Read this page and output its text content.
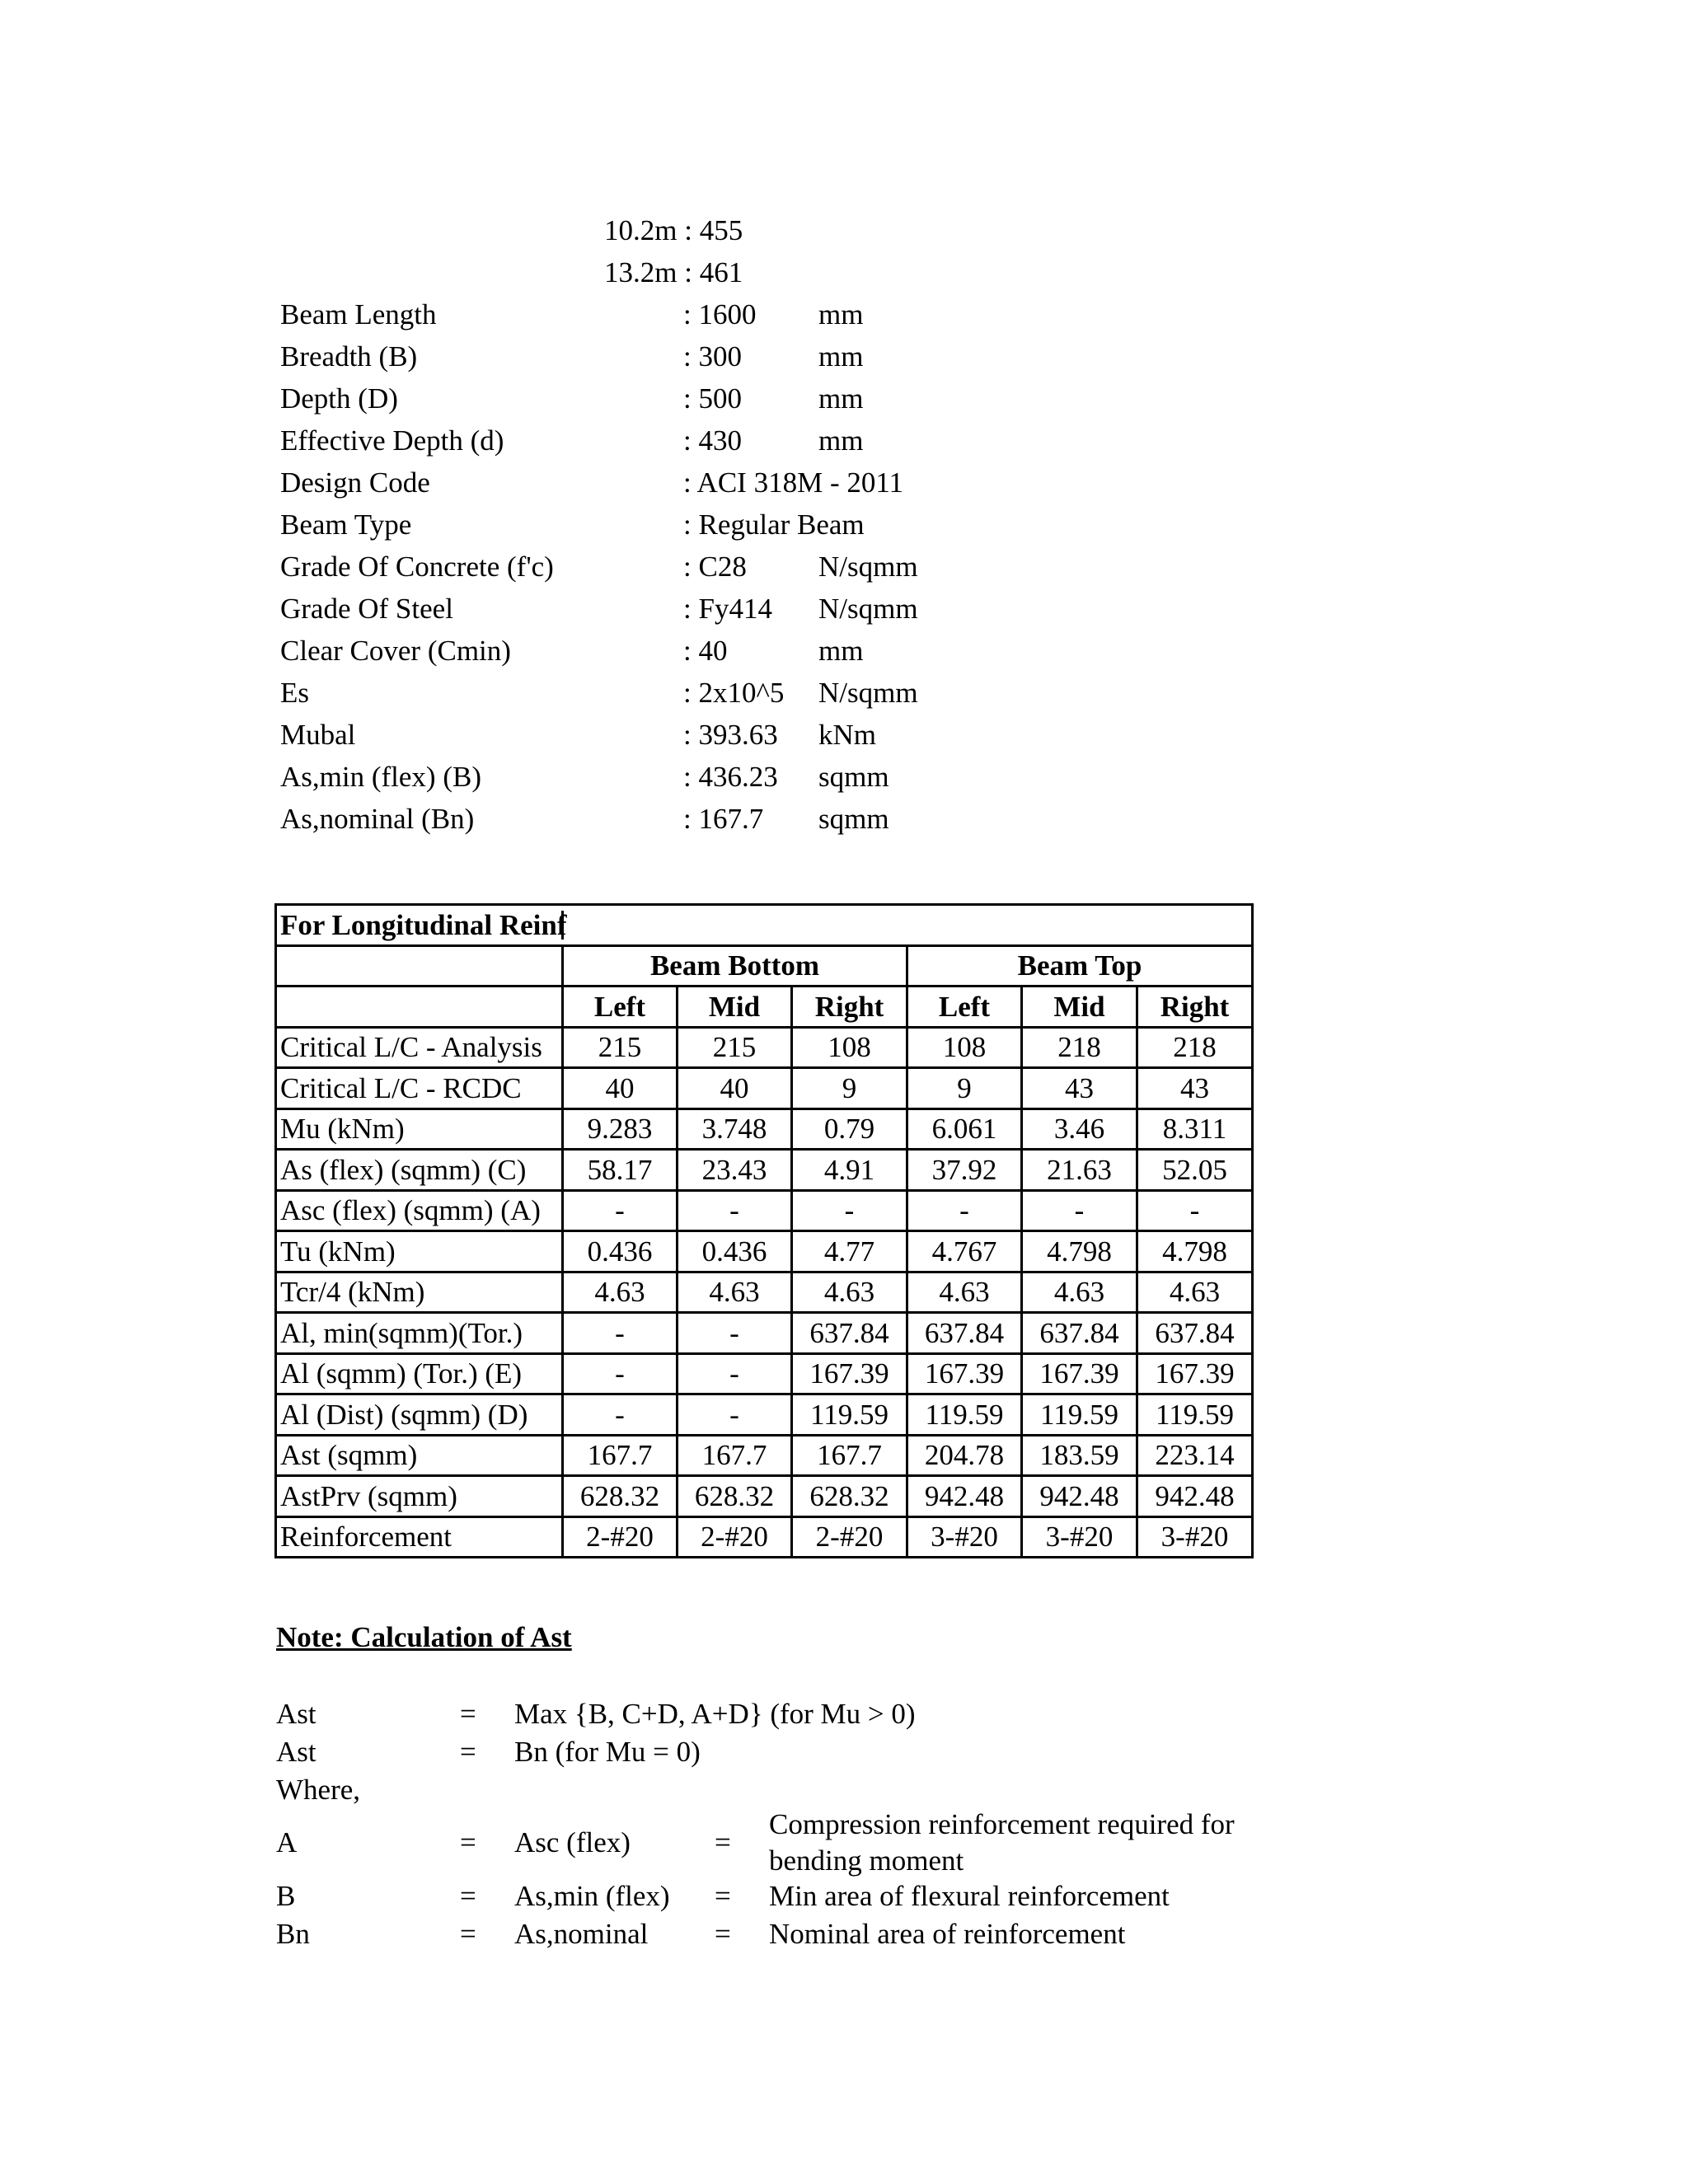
10.2m : 455
13.2m : 461
Beam Length	: 1600 mm
Breadth (B)	: 300	mm
Depth (D)	: 500	mm
Effective Depth (d)	: 430	mm
Design Code	: ACI 318M - 2011
Beam Type	: Regular Beam
Grade Of Concrete (f'c)	: C28 N/sqmm
Grade Of Steel	: Fy414 N/sqmm
Clear Cover (Cmin)	: 40	mm
Es	: 2x10^5 N/sqmm
Mubal	: 393.63 kNm
As,min (flex) (B)	: 436.23 sqmm
As,nominal (Bn)	: 167.7 sqmm
For Longitudinal Reinf						
	Beam Bottom			Beam Top		
	Left	Mid	Right	Left	Mid	Right
Critical L/C - Analysis	215	215	108	108	218	218
Critical L/C - RCDC	40	40	9	9	43	43
Mu (kNm)	9.283	3.748	0.79	6.061	3.46	8.311
As (flex) (sqmm) (C)	58.17	23.43	4.91	37.92	21.63	52.05
Asc (flex) (sqmm) (A)	-	-	-	-	-	-
Tu (kNm)	0.436	0.436	4.77	4.767	4.798	4.798
Tcr/4 (kNm)	4.63	4.63	4.63	4.63	4.63	4.63
Al, min(sqmm)(Tor.)	-	-	637.84	637.84	637.84	637.84
Al (sqmm) (Tor.) (E)	-	-	167.39	167.39	167.39	167.39
Al (Dist) (sqmm) (D)	-	-	119.59	119.59	119.59	119.59
Ast (sqmm)	167.7	167.7	167.7	204.78	183.59	223.14
AstPrv (sqmm)	628.32	628.32	628.32	942.48	942.48	942.48
Reinforcement	2-#20	2-#20	2-#20	3-#20	3-#20	3-#20
Note: Calculation of Ast
Ast	= Max {B, C+D, A+D} (for Mu > 0)
Ast	= Bn (for Mu = 0)
Where,
A	= Asc (flex)	=
Compression reinforcement required for
bending moment
B	= As,min (flex) = Min area of flexural reinforcement
Bn	= As,nominal = Nominal area of reinforcement
